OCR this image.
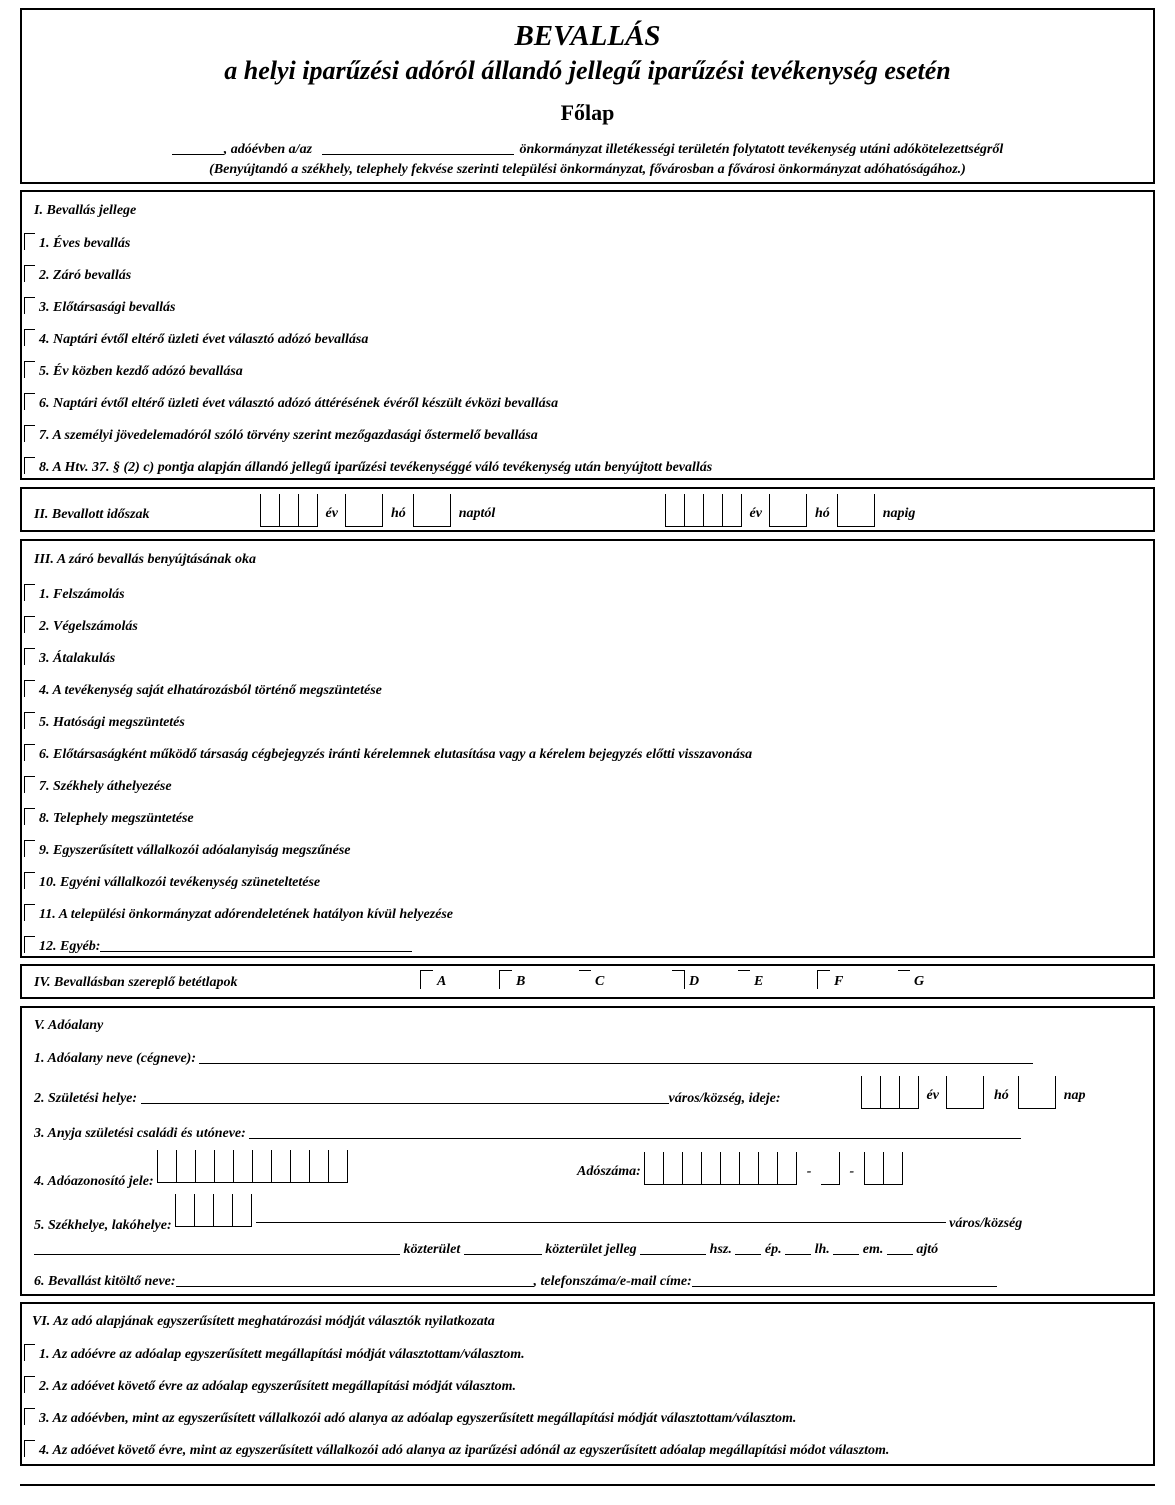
BEVALLÁS
a helyi iparűzési adóról állandó jellegű iparűzési tevékenység esetén
Főlap
, adóévben a/az	önkormányzat illetékességi területén folytatott tevékenység utáni adókötelezettségről
(Benyújtandó a székhely, telephely fekvése szerinti települési önkormányzat, fővárosban a fővárosi önkormányzat adóhatóságához.)
I. Bevallás jellege
1. Éves bevallás
2. Záró bevallás
3. Előtársasági bevallás
4. Naptári évtől eltérő üzleti évet választó adózó bevallása
5. Év közben kezdő adózó bevallása
6. Naptári évtől eltérő üzleti évet választó adózó áttérésének évéről készült évközi bevallása
7. A személyi jövedelemadóról szóló törvény szerint mezőgazdasági őstermelő bevallása
8. A Htv. 37. § (2) c) pontja alapján állandó jellegű iparűzési tevékenységgé váló tevékenység után benyújtott bevallás
II. Bevallott időszak	év	hó	naptól	év	hó	napig
III. A záró bevallás benyújtásának oka
1. Felszámolás
2. Végelszámolás
3. Átalakulás
4. A tevékenység saját elhatározásból történő megszüntetése
5. Hatósági megszüntetés
6. Előtársaságként működő társaság cégbejegyzés iránti kérelemnek elutasítása vagy a kérelem bejegyzés előtti visszavonása
7. Székhely áthelyezése
8. Telephely megszüntetése
9. Egyszerűsített vállalkozói adóalanyiság megszűnése
10. Egyéni vállalkozói tevékenység szüneteltetése
11. A települési önkormányzat adórendeletének hatályon kívül helyezése
12. Egyéb:
IV. Bevallásban szereplő betétlapok	A	B	C	D	E	F	G
V. Adóalany
1. Adóalany neve (cégneve):
2. Születési helye:	város/község, ideje:	év	hó	nap
3. Anyja születési családi és utóneve:
4. Adóazonosító jele:
Adószáma:	-	-
5. Székhelye, lakóhelye:	város/község
közterület	közterület jelleg	hsz. ép. lh. em. ajtó
6. Bevallást kitöltő neve:	, telefonszáma/e-mail címe:
VI. Az adó alapjának egyszerűsített meghatározási módját választók nyilatkozata
1. Az adóévre az adóalap egyszerűsített megállapítási módját választottam/választom.
2. Az adóévet követő évre az adóalap egyszerűsített megállapítási módját választom.
3. Az adóévben, mint az egyszerűsített vállalkozói adó alanya az adóalap egyszerűsített megállapítási módját választottam/választom.
4. Az adóévet követő évre, mint az egyszerűsített vállalkozói adó alanya az iparűzési adónál az egyszerűsített adóalap megállapítási módot választom.
